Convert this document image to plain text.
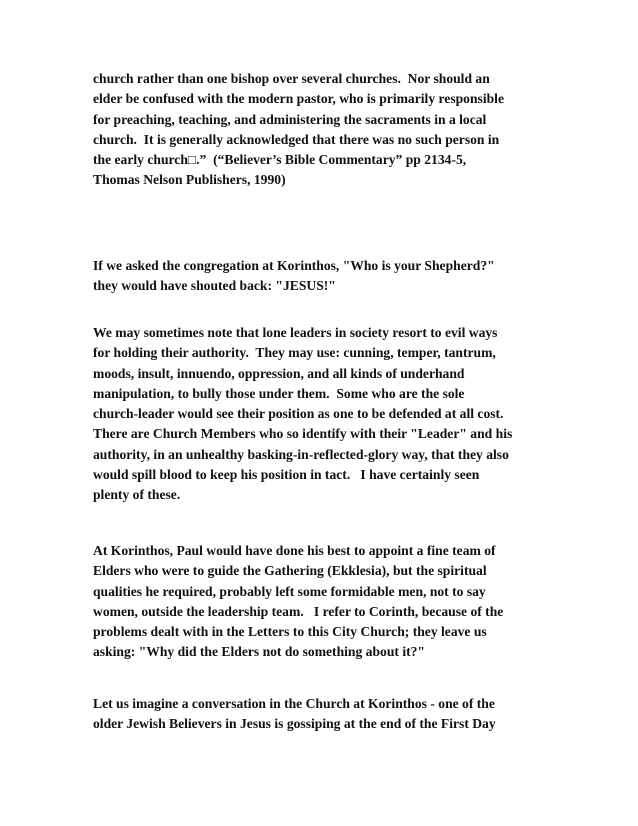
church rather than one bishop over several churches.  Nor should an
elder be confused with the modern pastor, who is primarily responsible
for preaching, teaching, and administering the sacraments in a local
church.  It is generally acknowledged that there was no such person in
the early church□.”  (“Believer’s Bible Commentary” pp 2134-5,
Thomas Nelson Publishers, 1990)

If we asked the congregation at Korinthos, "Who is your Shepherd?"
they would have shouted back: "JESUS!"

We may sometimes note that lone leaders in society resort to evil ways
for holding their authority.  They may use: cunning, temper, tantrum,
moods, insult, innuendo, oppression, and all kinds of underhand
manipulation, to bully those under them.  Some who are the sole
church-leader would see their position as one to be defended at all cost.
There are Church Members who so identify with their "Leader" and his
authority, in an unhealthy basking-in-reflected-glory way, that they also
would spill blood to keep his position in tact.   I have certainly seen
plenty of these.

At Korinthos, Paul would have done his best to appoint a fine team of
Elders who were to guide the Gathering (Ekklesia), but the spiritual
qualities he required, probably left some formidable men, not to say
women, outside the leadership team.   I refer to Corinth, because of the
problems dealt with in the Letters to this City Church; they leave us
asking: "Why did the Elders not do something about it?"

Let us imagine a conversation in the Church at Korinthos - one of the
older Jewish Believers in Jesus is gossiping at the end of the First Day
